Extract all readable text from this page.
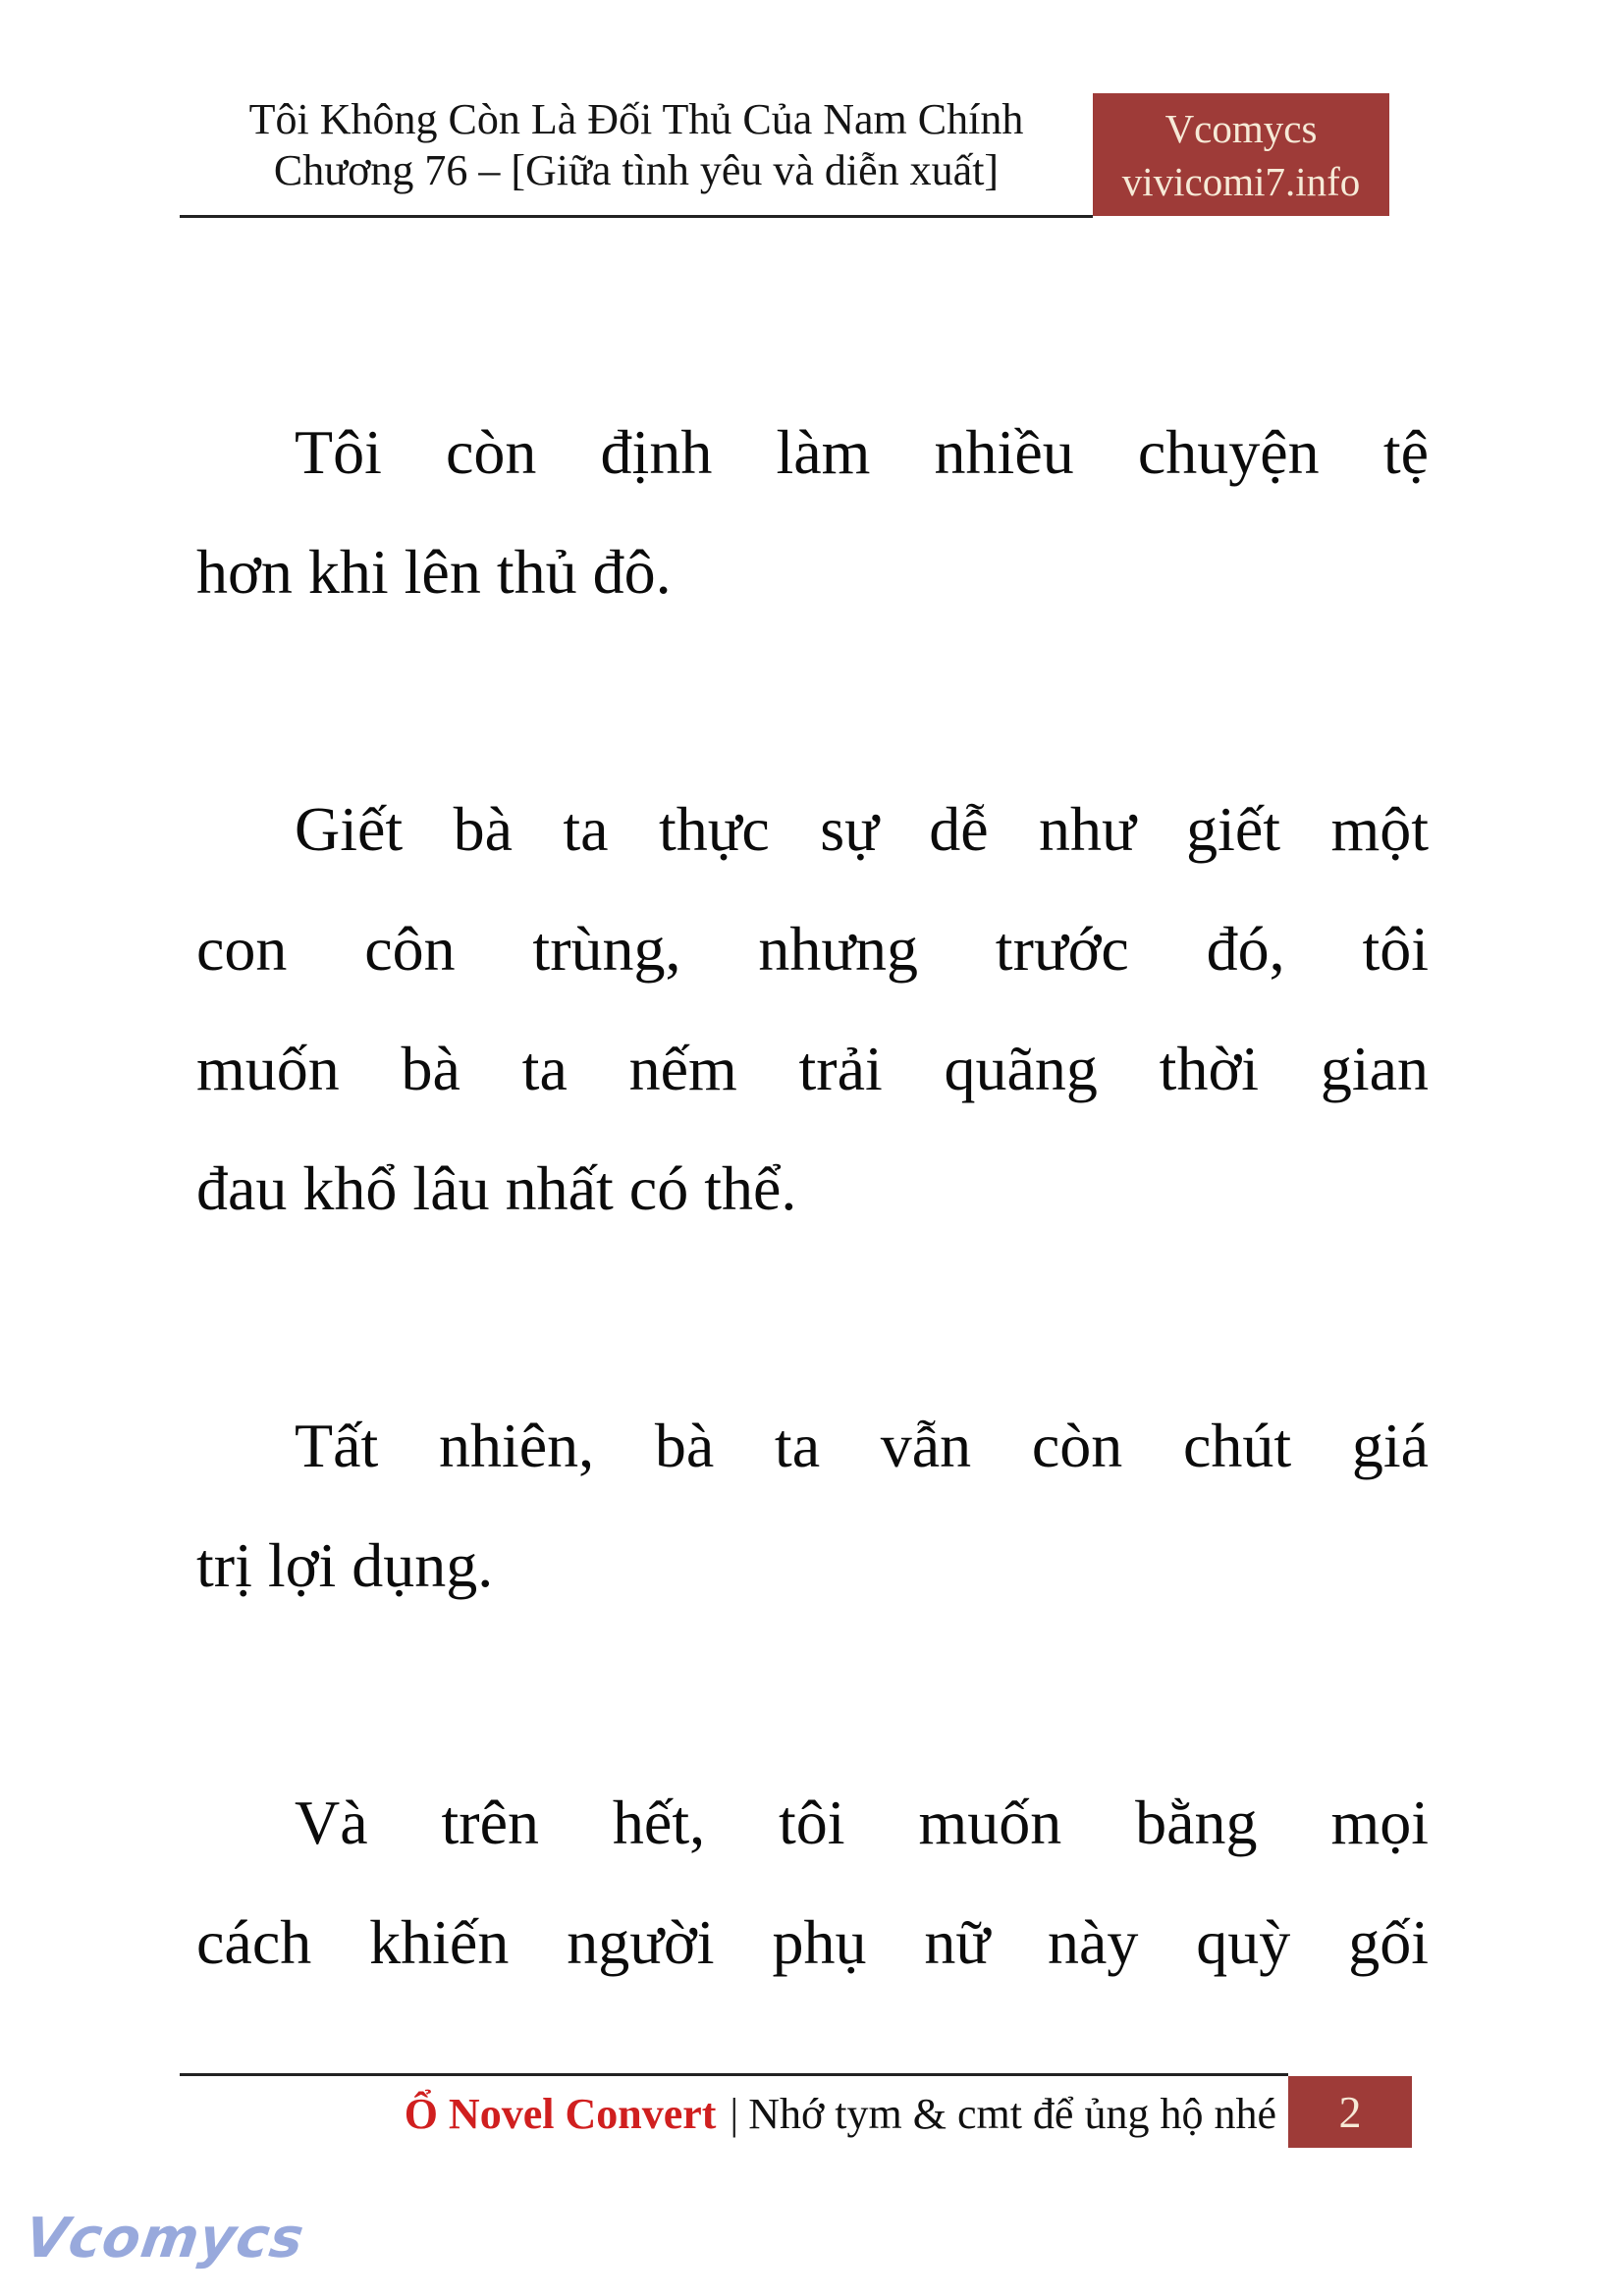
Tôi Không Còn Là Đối Thủ Của Nam Chính
Chương 76 – [Giữa tình yêu và diễn xuất]
Vcomycs
vivicomi7.info
Tôi còn định làm nhiều chuyện tệ
hơn khi lên thủ đô.
Giết bà ta thực sự dễ như giết một
con côn trùng, nhưng trước đó, tôi
muốn bà ta nếm trải quãng thời gian
đau khổ lâu nhất có thể.
Tất nhiên, bà ta vẫn còn chút giá
trị lợi dụng.
Và trên hết, tôi muốn bằng mọi
cách khiến người phụ nữ này quỳ gối
Ổ Novel Convert | Nhớ tym & cmt để ủng hộ nhé 2
Vcomycs
